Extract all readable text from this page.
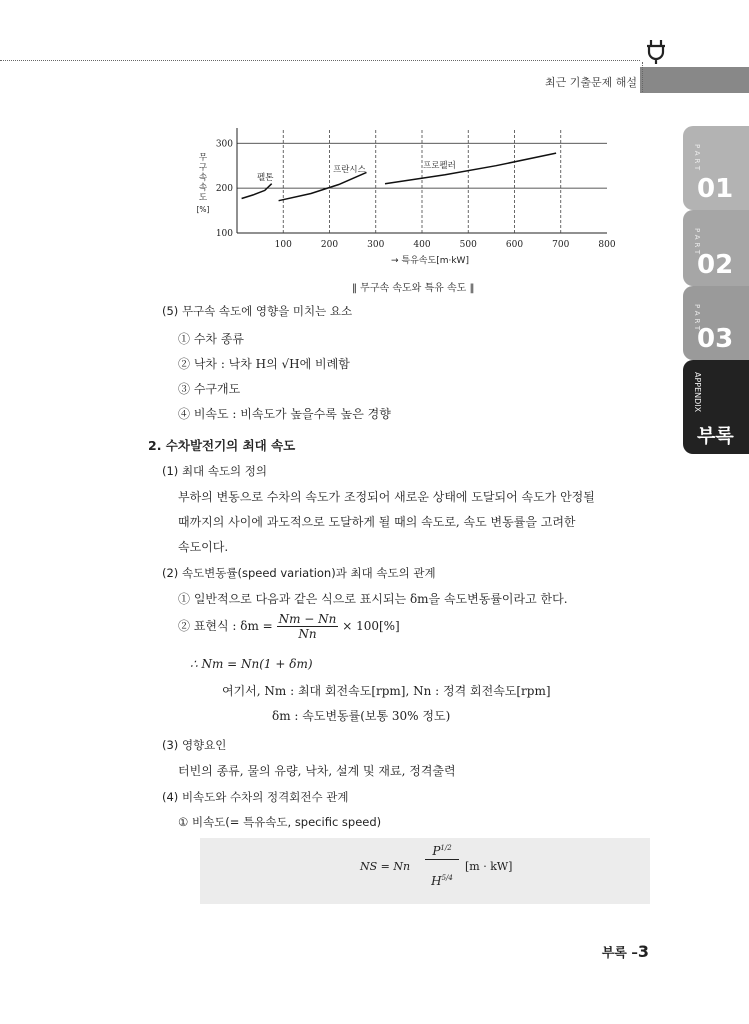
최근 기출문제 해설
PART
01
PART
02
PART
03
APPENDIX
부록
100
200
300
100	200	300	400	500	600	700	800
무
구
속
속
도
[%]
→ 특유속도[m·kW]
펠톤
프란시스	프로펠러
‖ 무구속 속도와 특유 속도 ‖
(5) 무구속 속도에 영향을 미치는 요소
① 수차 종류
② 낙차 : 낙차 H의 √H에 비례함
③ 수구개도
④ 비속도 : 비속도가 높을수록 높은 경향
2. 수차발전기의 최대 속도
(1) 최대 속도의 정의
부하의 변동으로 수차의 속도가 조정되어 새로운 상태에 도달되어 속도가 안정될
때까지의 사이에 과도적으로 도달하게 될 때의 속도로, 속도 변동률을 고려한
속도이다.
(2) 속도변동률(speed variation)과 최대 속도의 관계
① 일반적으로 다음과 같은 식으로 표시되는 δm을 속도변동률이라고 한다.
② 표현식 : $\delta m = \frac{Nm - Nn}{Nn} \times 100[\%]$
∴ Nm = Nn(1 + δm)
여기서, Nm : 최대 회전속도[rpm], Nn : 정격 회전속도[rpm]
δm : 속도변동률(보통 30% 정도)
(3) 영향요인
터빈의 종류, 물의 유량, 낙차, 설계 및 재료, 정격출력
(4) 비속도와 수차의 정격회전수 관계
① 비속도(= 특유속도, specific speed)
NS = Nn
$P^{1/2}$
$H^{5/4}$
[m · kW]
부록 –3
